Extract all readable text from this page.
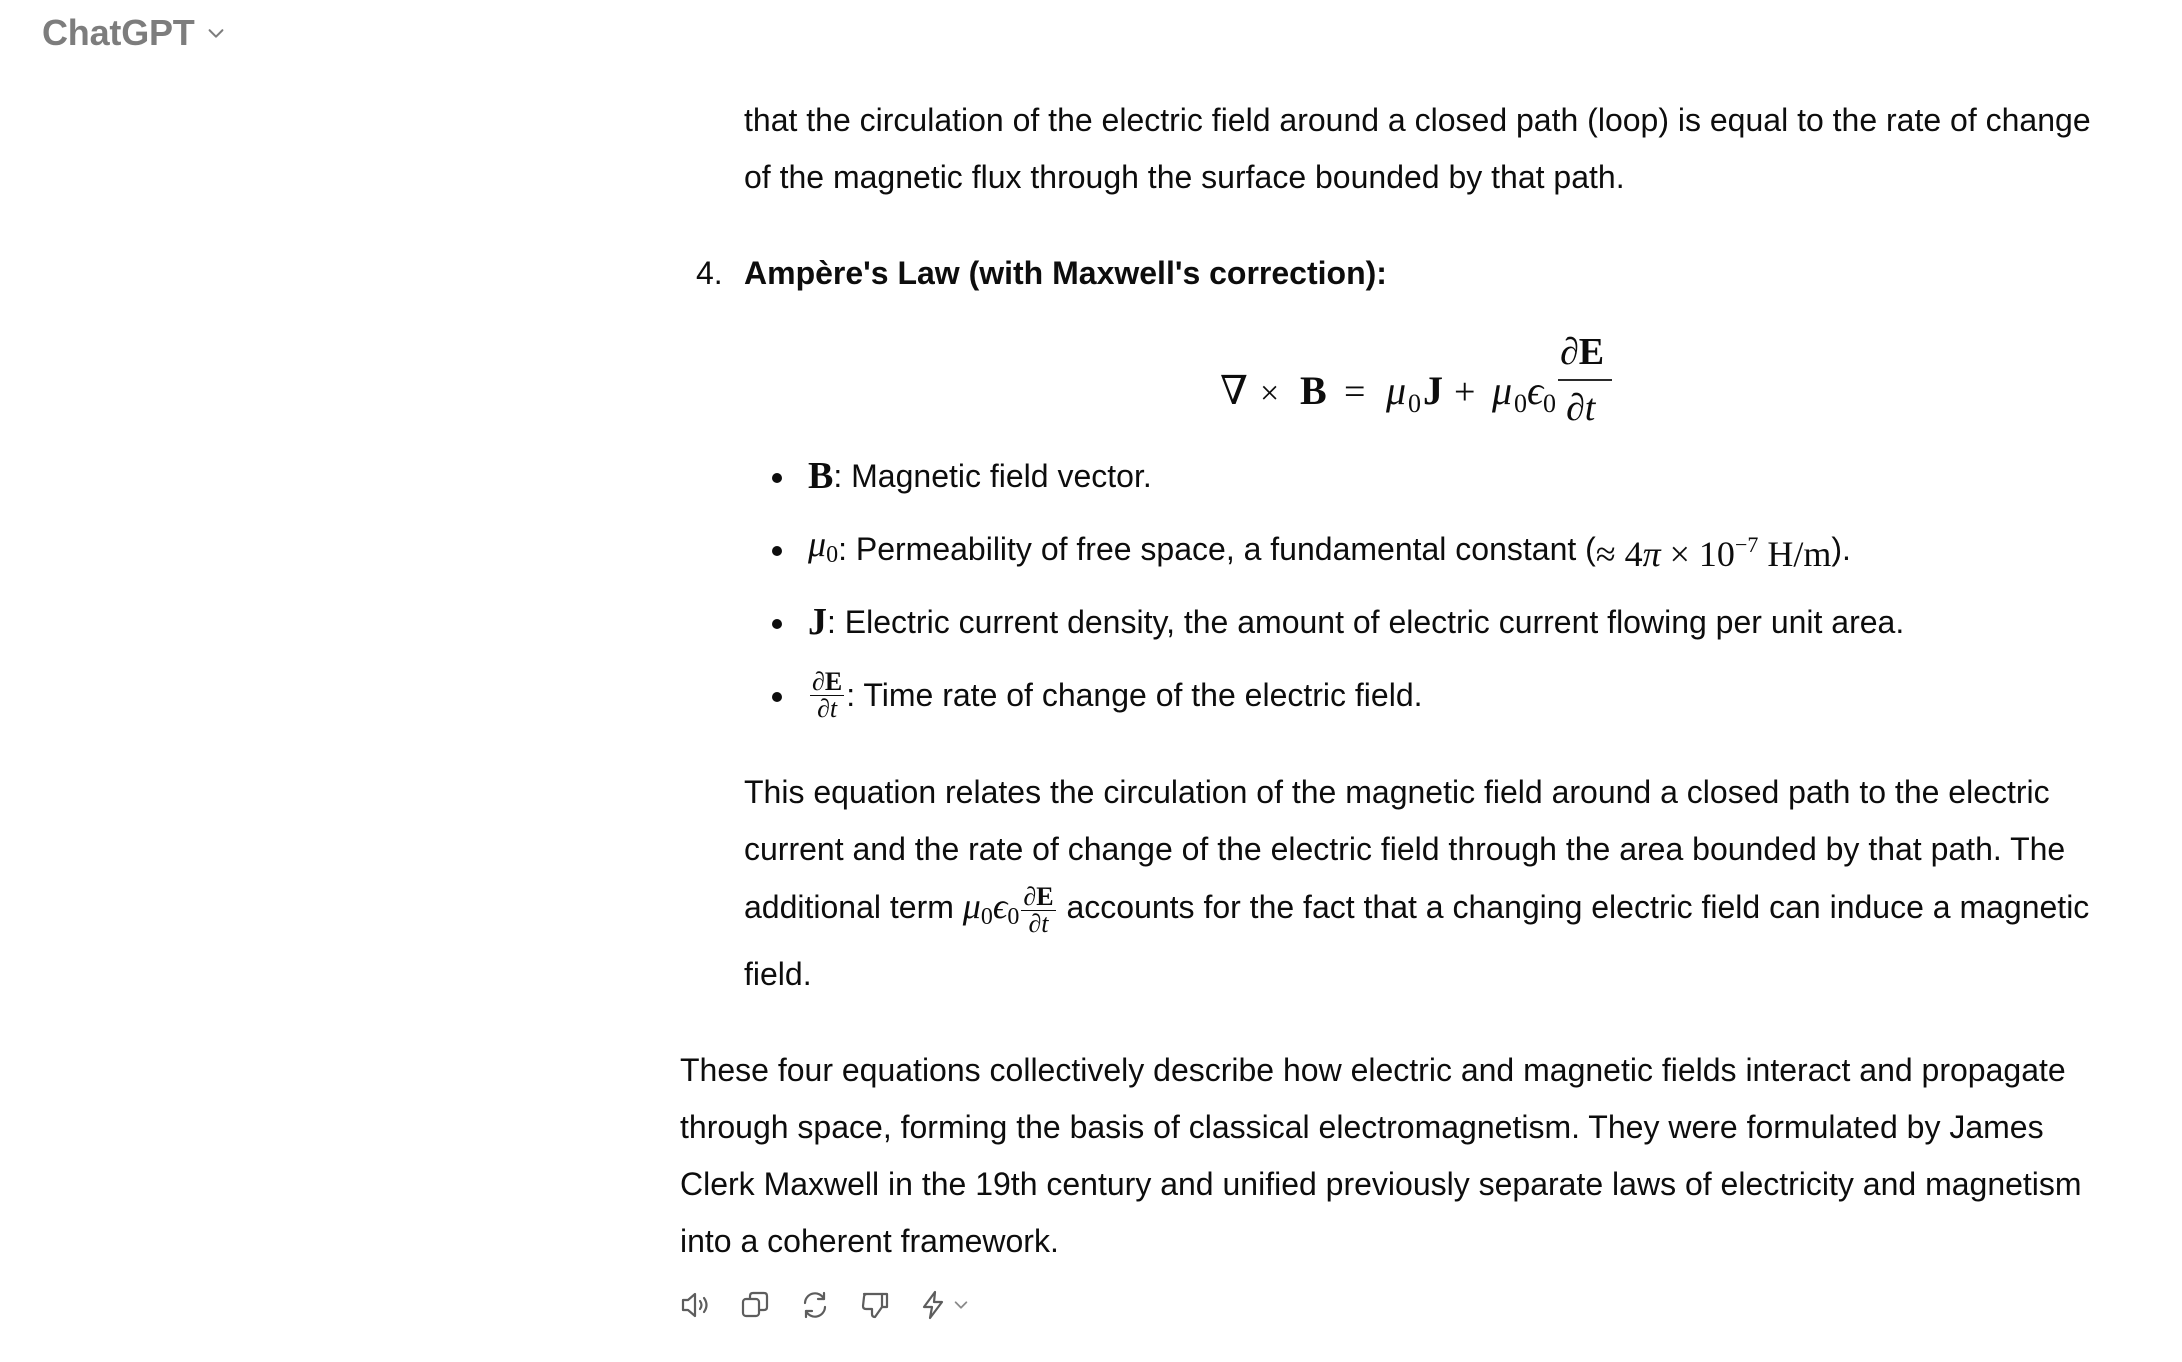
ChatGPT

that the circulation of the electric field around a closed path (loop) is equal to the rate of change of the magnetic flux through the surface bounded by that path.

4. Ampère's Law (with Maxwell's correction):
∇ × B = μ 0 J + μ 0 ϵ 0
∂E
∂t
B : Magnetic field vector.
$\mu_0$ : Permeability of free space, a fundamental constant ( ≈ $4\pi \times 10^{-7}$ H/m ).
J : Electric current density, the amount of electric current flowing per unit area.
$\frac{\partial E}{\partial t}$ : Time rate of change of the electric field.

This equation relates the circulation of the magnetic field around a closed path to the electric current and the rate of change of the electric field through the area bounded by that path. The additional term $\mu_0\epsilon_0 \frac{\partial E}{\partial t}$ accounts for the fact that a changing electric field can induce a magnetic field.

These four equations collectively describe how electric and magnetic fields interact and propagate through space, forming the basis of classical electromagnetism. They were formulated by James Clerk Maxwell in the 19th century and unified previously separate laws of electricity and magnetism into a coherent framework.
